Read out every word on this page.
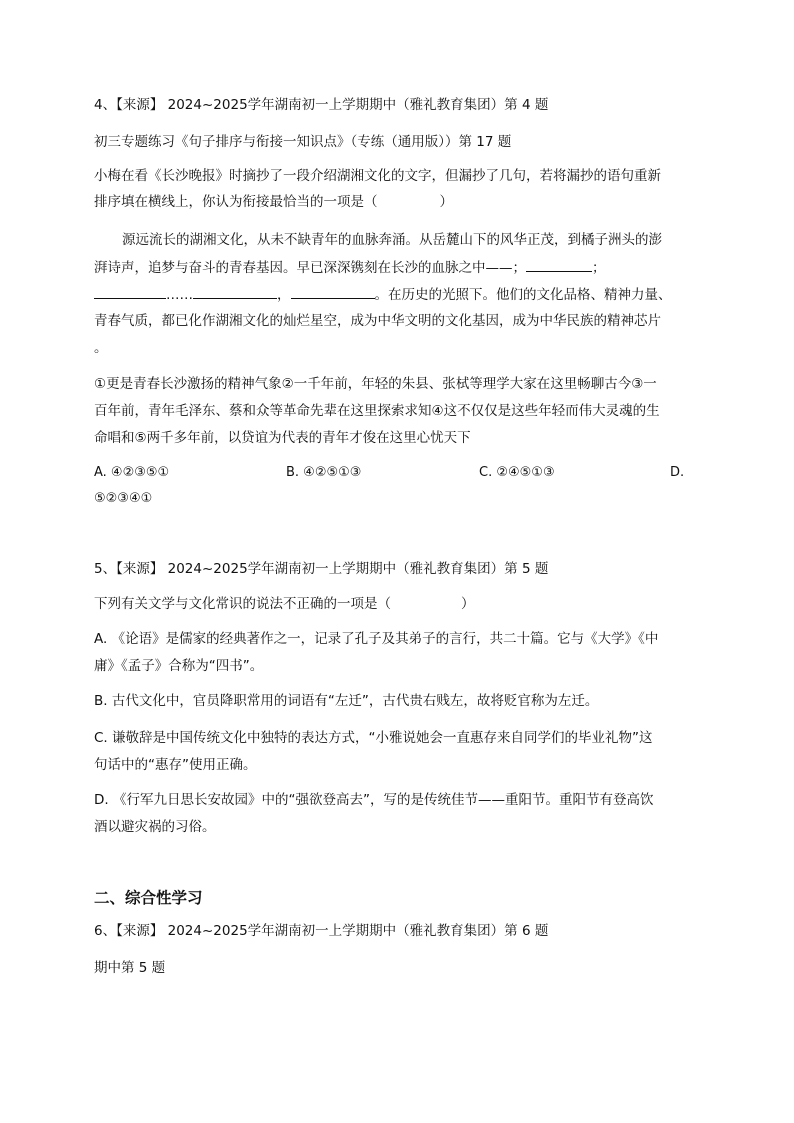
4、【来源】 2024~2025学年湖南初一上学期期中（雅礼教育集团）第 4 题
初三专题练习《句子排序与衔接一知识点》（专练（通用版））第 17 题
小梅在看《长沙晚报》时摘抄了一段介绍湖湘文化的文字，但漏抄了几句，若将漏抄的语句重新
排序填在横线上，你认为衔接最恰当的一项是（	）
源远流长的湖湘文化，从未不缺青年的血脉奔涌。从岳麓山下的风华正茂，到橘子洲头的澎
湃诗声，追梦与奋斗的青春基因。早已深深镌刻在长沙的血脉之中——；	；
……	，	。在历史的光照下。他们的文化品格、精神力量、
青春气质，都已化作湖湘文化的灿烂星空，成为中华文明的文化基因，成为中华民族的精神芯片
。
①更是青春长沙激扬的精神气象②一千年前，年轻的朱县、张栻等理学大家在这里畅聊古今③一
百年前，青年毛泽东、蔡和众等革命先辈在这里探索求知④这不仅仅是这些年轻而伟大灵魂的生
命唱和⑤两千多年前，以贷谊为代表的青年才俊在这里心忧天下
A. ④②③⑤①	B. ④②⑤①③	C. ②④⑤①③	D.
⑤②③④①
5、【来源】 2024~2025学年湖南初一上学期期中（雅礼教育集团）第 5 题
下列有关文学与文化常识的说法不正确的一项是（	）
A. 《论语》是儒家的经典著作之一，记录了孔子及其弟子的言行，共二十篇。它与《大学》《中
庸》《孟子》合称为“四书”。
B. 古代文化中，官员降职常用的词语有“左迁”，古代贵右贱左，故将贬官称为左迁。
C. 谦敬辞是中国传统文化中独特的表达方式，“小雅说她会一直惠存来自同学们的毕业礼物”这
句话中的“惠存”使用正确。
D. 《行军九日思长安故园》中的“强欲登高去”，写的是传统佳节——重阳节。重阳节有登高饮
酒以避灾祸的习俗。
二、综合性学习
6、【来源】 2024~2025学年湖南初一上学期期中（雅礼教育集团）第 6 题
期中第 5 题
